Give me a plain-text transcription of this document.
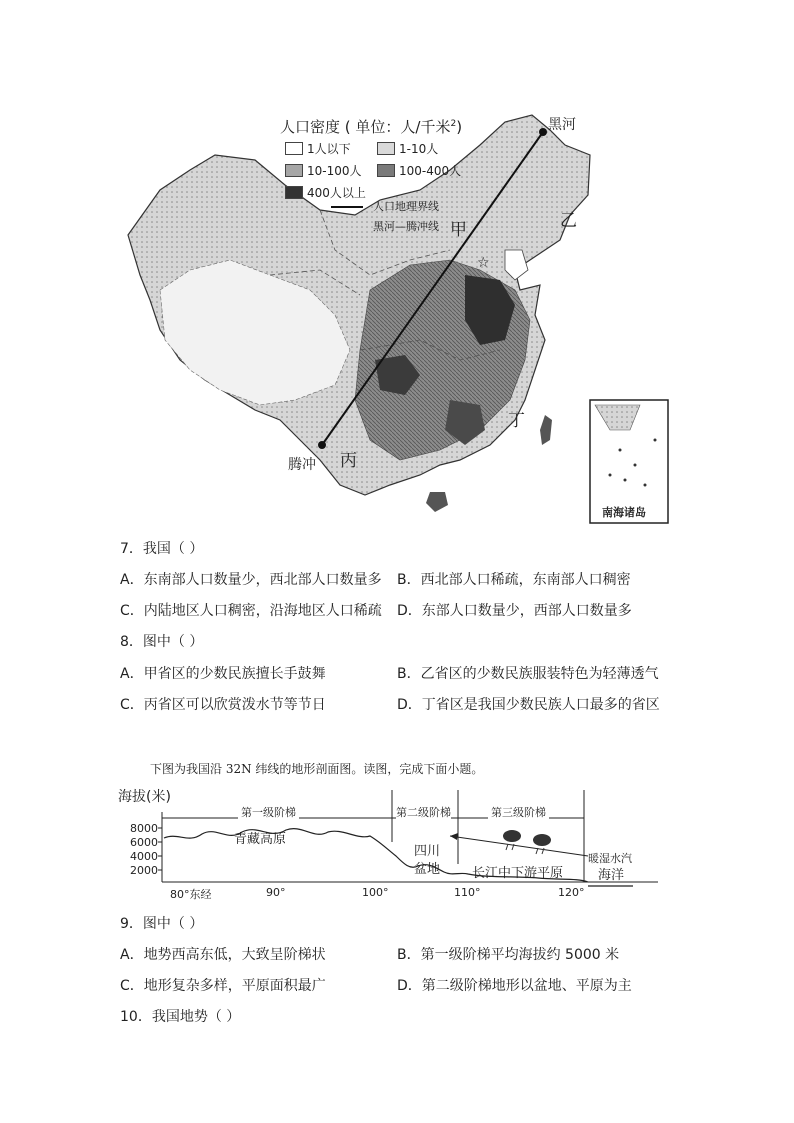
☆
人口密度 ( 单位：人/千米$^2$)
1人以下	1-10人
10-100人	100-400人
400人以上
人口地理界线
黑河—腾冲线
黑河
腾冲
甲	乙
丙
丁
南海诸岛
7．我国（ ）
A．东南部人口数量少，西北部人口数量多 B．西北部人口稀疏，东南部人口稠密
C．内陆地区人口稠密，沿海地区人口稀疏 D．东部人口数量少，西部人口数量多
8．图中（ ）
A．甲省区的少数民族擅长手鼓舞	B．乙省区的少数民族服装特色为轻薄透气
C．丙省区可以欣赏泼水节等节日	D．丁省区是我国少数民族人口最多的省区
下图为我国沿 32N 纬线的地形剖面图。读图，完成下面小题。
海拔(米)
8000
6000
4000
2000
80°东经	90°	100°	110°	120°
第一级阶梯	第二级阶梯	第三级阶梯
青藏高原
四川
盆地 长江中下游平原
暖湿水汽
海洋
9．图中（ ）
A．地势西高东低，大致呈阶梯状	B．第一级阶梯平均海拔约 5000 米
C．地形复杂多样，平原面积最广	D．第二级阶梯地形以盆地、平原为主
10．我国地势（ ）
